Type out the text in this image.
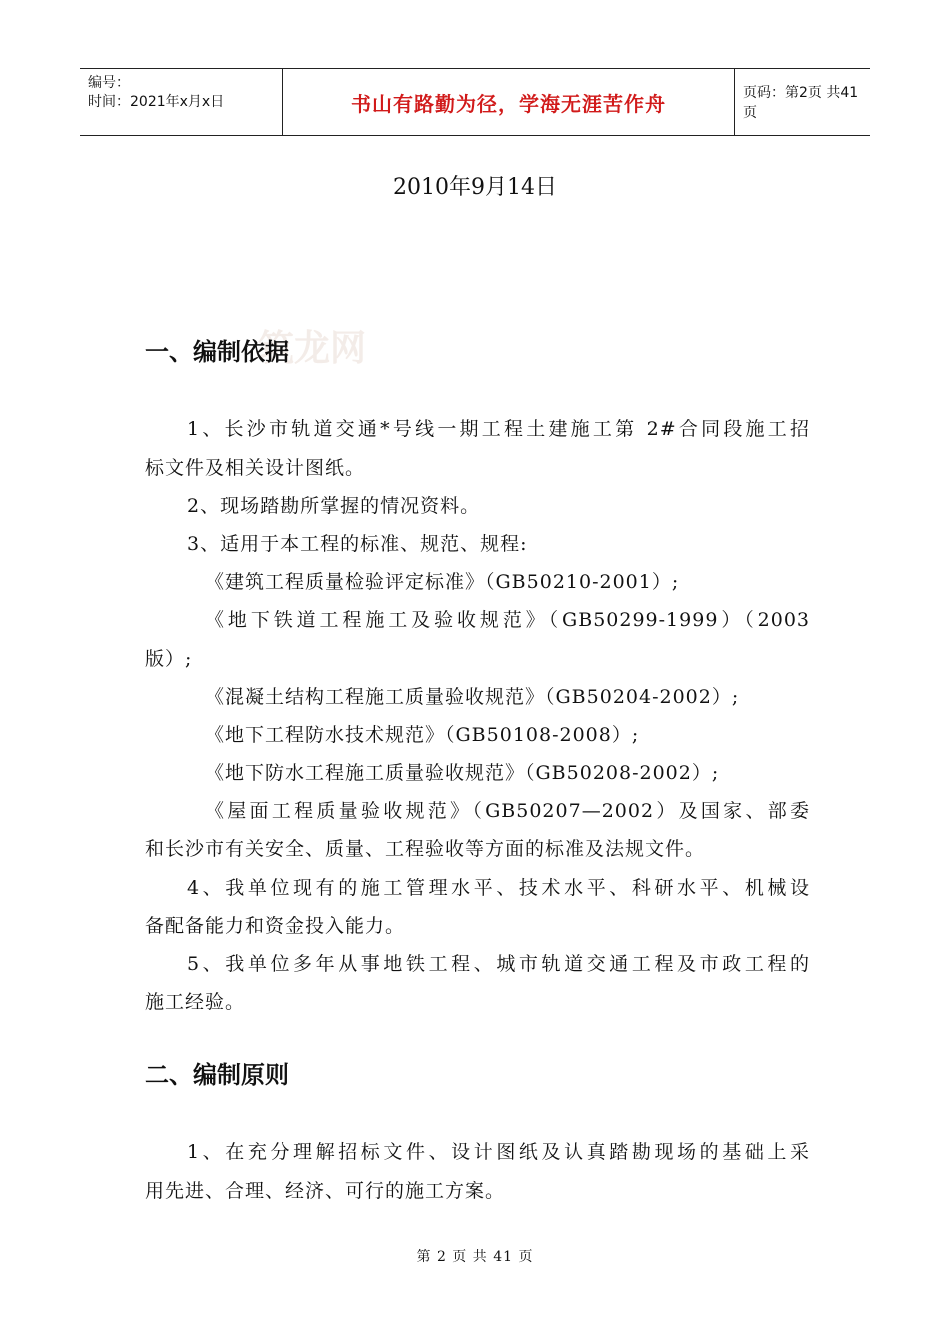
编号：
时间：2021年x月x日	书山有路勤为径，学海无涯苦作舟	页码：第2页 共41页
2010年9月14日
筑龙网
一、编制依据
1、长沙市轨道交通*号线一期工程土建施工第 2#合同段施工招
标文件及相关设计图纸。
2、现场踏勘所掌握的情况资料。
3、适用于本工程的标准、规范、规程:
《建筑工程质量检验评定标准》（GB50210-2001）;
《地下铁道工程施工及验收规范》（GB50299-1999）（2003
版）;
《混凝土结构工程施工质量验收规范》（GB50204-2002）;
《地下工程防水技术规范》（GB50108-2008）;
《地下防水工程施工质量验收规范》（GB50208-2002）;
《屋面工程质量验收规范》（GB50207—2002）及国家、部委
和长沙市有关安全、质量、工程验收等方面的标准及法规文件。
4、我单位现有的施工管理水平、技术水平、科研水平、机械设
备配备能力和资金投入能力。
5、我单位多年从事地铁工程、城市轨道交通工程及市政工程的
施工经验。
二、编制原则
1、在充分理解招标文件、设计图纸及认真踏勘现场的基础上采
用先进、合理、经济、可行的施工方案。
第 2 页 共 41 页
